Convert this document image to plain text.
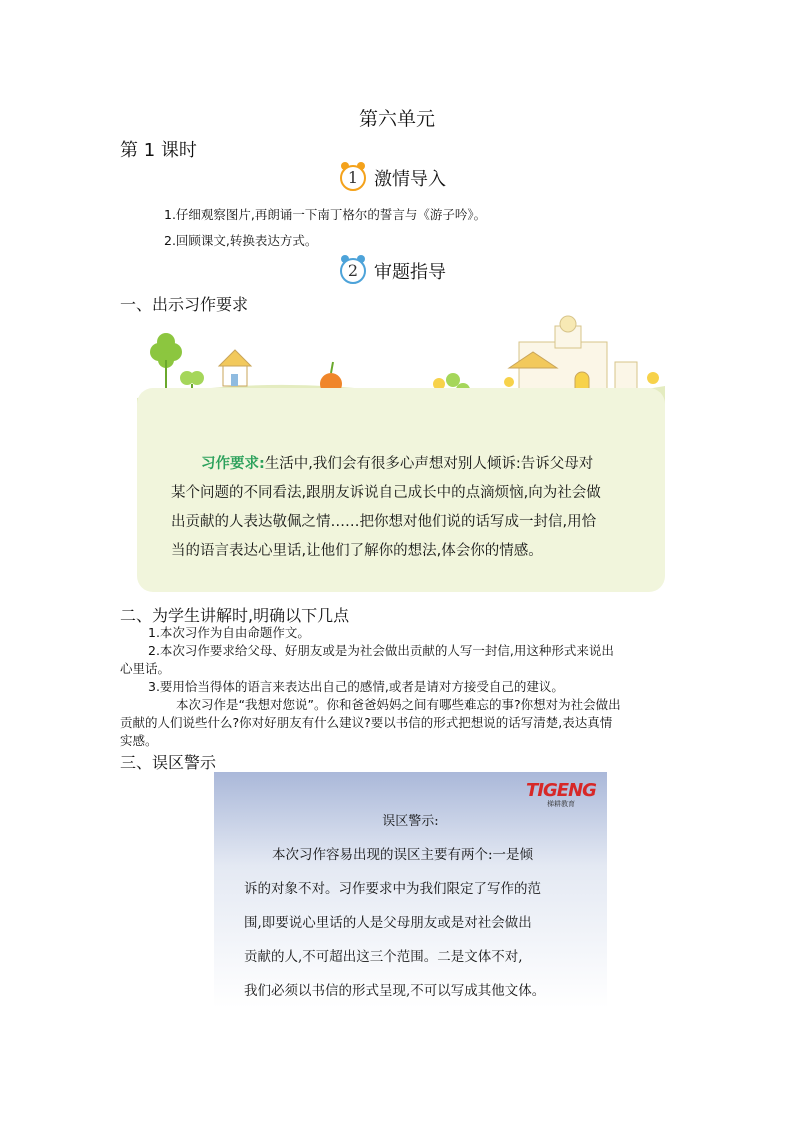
第六单元
第 1 课时
1 激情导入
1.仔细观察图片,再朗诵一下南丁格尔的誓言与《游子吟》。
2.回顾课文,转换表达方式。
2 审题指导
一、出示习作要求
习作要求:生活中,我们会有很多心声想对别人倾诉:告诉父母对
某个问题的不同看法,跟朋友诉说自己成长中的点滴烦恼,向为社会做
出贡献的人表达敬佩之情……把你想对他们说的话写成一封信,用恰
当的语言表达心里话,让他们了解你的想法,体会你的情感。
二、为学生讲解时,明确以下几点
1.本次习作为自由命题作文。
2.本次习作要求给父母、好朋友或是为社会做出贡献的人写一封信,用这种形式来说出
心里话。
3.要用恰当得体的语言来表达出自己的感情,或者是请对方接受自己的建议。
本次习作是“我想对您说”。你和爸爸妈妈之间有哪些难忘的事?你想对为社会做出
贡献的人们说些什么?你对好朋友有什么建议?要以书信的形式把想说的话写清楚,表达真情
实感。
三、误区警示
TIGENG
梯耕教育
误区警示:
本次习作容易出现的误区主要有两个:一是倾
诉的对象不对。习作要求中为我们限定了写作的范
围,即要说心里话的人是父母朋友或是对社会做出
贡献的人,不可超出这三个范围。二是文体不对,
我们必须以书信的形式呈现,不可以写成其他文体。
